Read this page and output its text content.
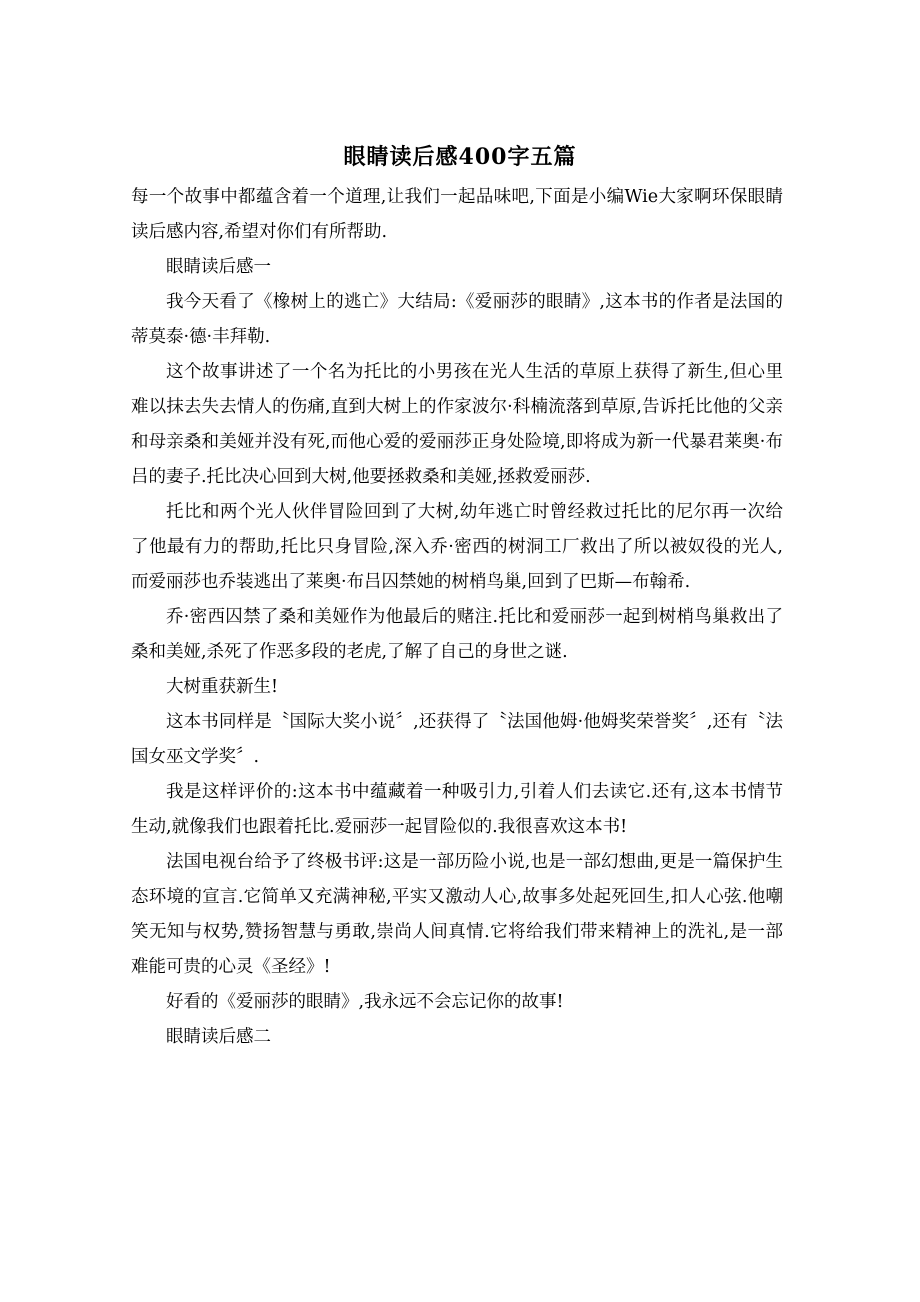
眼睛读后感400字五篇

每一个故事中都蕴含着一个道理,让我们一起品味吧,下面是小编Wie大家啊环保眼睛读后感内容,希望对你们有所帮助.

眼睛读后感一

我今天看了《橡树上的逃亡》大结局:《爱丽莎的眼睛》,这本书的作者是法国的蒂莫泰·德·丰拜勒.

这个故事讲述了一个名为托比的小男孩在光人生活的草原上获得了新生,但心里难以抹去失去情人的伤痛,直到大树上的作家波尔·科楠流落到草原,告诉托比他的父亲和母亲桑和美娅并没有死,而他心爱的爱丽莎正身处险境,即将成为新一代暴君莱奥·布吕的妻子.托比决心回到大树,他要拯救桑和美娅,拯救爱丽莎.

托比和两个光人伙伴冒险回到了大树,幼年逃亡时曾经救过托比的尼尔再一次给了他最有力的帮助,托比只身冒险,深入乔·密西的树洞工厂救出了所以被奴役的光人,而爱丽莎也乔装逃出了莱奥·布吕囚禁她的树梢鸟巢,回到了巴斯—布翰希.

乔·密西囚禁了桑和美娅作为他最后的赌注.托比和爱丽莎一起到树梢鸟巢救出了桑和美娅,杀死了作恶多段的老虎,了解了自己的身世之谜.

大树重获新生!

这本书同样是〝国际大奖小说〞,还获得了〝法国他姆·他姆奖荣誉奖〞,还有〝法国女巫文学奖〞.

我是这样评价的:这本书中蕴藏着一种吸引力,引着人们去读它.还有,这本书情节生动,就像我们也跟着托比.爱丽莎一起冒险似的.我很喜欢这本书!

法国电视台给予了终极书评:这是一部历险小说,也是一部幻想曲,更是一篇保护生态环境的宣言.它简单又充满神秘,平实又激动人心,故事多处起死回生,扣人心弦.他嘲笑无知与权势,赞扬智慧与勇敢,崇尚人间真情.它将给我们带来精神上的洗礼,是一部难能可贵的心灵《圣经》!

好看的《爱丽莎的眼睛》,我永远不会忘记你的故事!

眼睛读后感二
